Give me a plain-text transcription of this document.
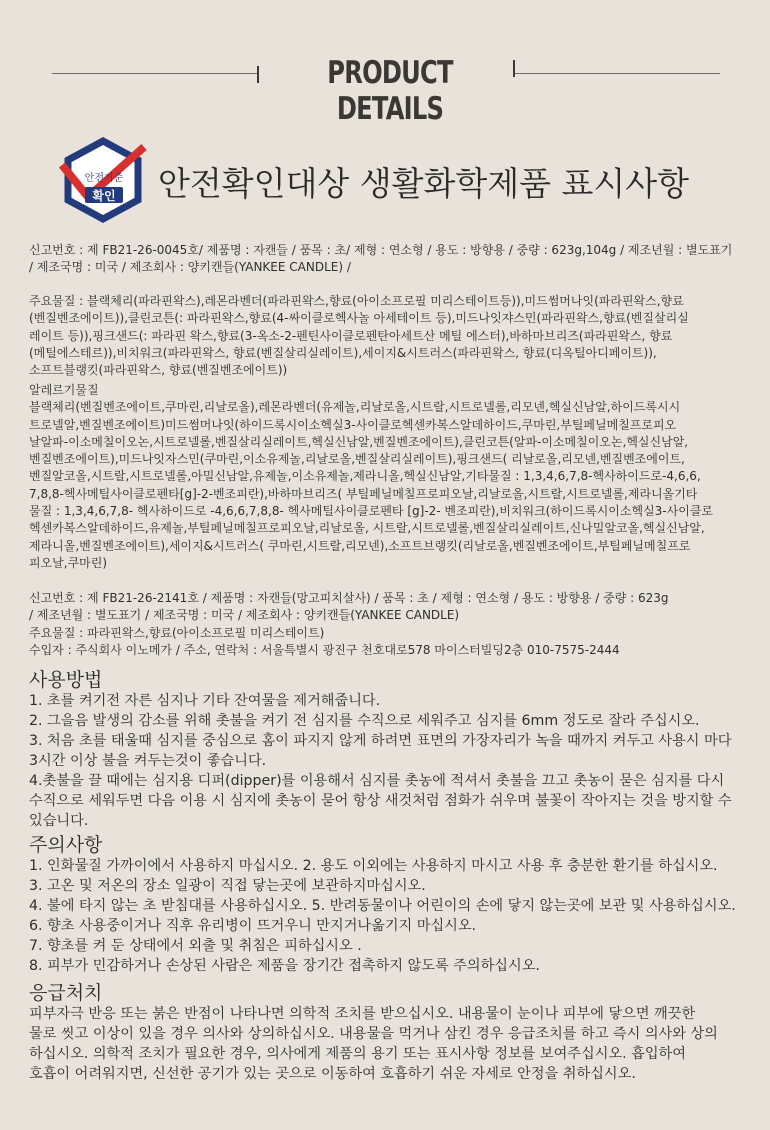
PRODUCT DETAILS
안전기준
확인 안전확인대상 생활화학제품 표시사항

신고번호 : 제 FB21-26-0045호/ 제품명 : 자캔들 / 품목 : 초/ 제형 : 연소형 / 용도 : 방향용 / 중량 : 623g,104g / 제조년월 : 별도표기

/ 제조국명 : 미국 / 제조회사 : 양키캔들(YANKEE CANDLE) /

주요물질 : 블랙체리(파라핀왁스),레몬라벤더(파라핀왁스,향료(아이소프로필 미리스테이트등)),미드썸머나잇(파라핀왁스,향료

(벤질벤조에이트)),클린코튼(: 파라핀왁스,향료(4-싸이클로헥사놀 아세테이트 등),미드나잇쟈스민(파라핀왁스,향료(벤질살리실

레이트 등)),핑크샌드(: 파라핀 왁스,향료(3-옥소-2-펜틴사이클로펜탄아세트산 메틸 에스터),바하마브리즈(파라핀왁스, 향료

(메틸에스테르)),비치워크(파라핀왁스, 향료(벤질살리실레이트),세이지&시트러스(파라핀왁스, 향료(디옥틸아디페이트)),

소프트블랭킷(파라핀왁스, 향료(벤질벤조에이트))

알레르기물질

블랙체리(벤질벤조에이트,쿠마린,리날로올),레몬라벤더(유제놀,리날로올,시트랄,시트로넬롤,리모넨,헥실신남알,하이드록시시

트로넬알,벤질벤조에이트)미드썸머나잇(하이드록시이소헥실3-사이클로헥센카복스알데하이드,쿠마린,부틸페닐메칠프로피오

날알파-이소메칠이오논,시트로넬롤,벤질살리실레이트,헥실신남알,벤질벤조에이트),클린코튼(알파-이소메칠이오논,헥실신남알,

벤질벤조에이트),미드나잇자스민(쿠마린,이소유제놀,리날로올,벤질살리실레이트),핑크샌드( 리날로올,리모넨,벤질벤조에이트,

벤질알코올,시트랄,시트로넬롤,아밀신남알,유제놀,이소유제놀,제라니올,헥실신남알,기타물질 : 1,3,4,6,7,8-헥사하이드로-4,6,6,

7,8,8-헥사메틸사이클로펜타[g]-2-벤조피란),바하마브리즈( 부틸페닐메칠프로피오날,리날로올,시트랄,시트로넬롤,제라니올기타

물질 : 1,3,4,6,7,8- 헥사하이드로 -4,6,6,7,8,8- 헥사메틸사이클로펜타 [g]-2- 벤조피란),비치워크(하이드록시이소헥실3-사이클로

헥센카복스알데하이드,유제놀,부틸페닐메칠프로피오날,리날로올, 시트랄,시트로넬롤,벤질살리실레이트,신나밀알코올,헥실신남알,

제라니올,벤질벤조에이트),세이지&시트러스( 쿠마린,시트랄,리모넨),소프트브랭킷(리날로올,벤질벤조에이트,부틸페닐메칠프로

피오날,쿠마린)

신고번호 : 제 FB21-26-2141호 / 제품명 : 자캔들(망고피치살사) / 품목 : 초 / 제형 : 연소형 / 용도 : 방향용 / 중량 : 623g

/ 제조년월 : 별도표기 / 제조국명 : 미국 / 제조회사 : 양키캔들(YANKEE CANDLE)

주요물질 : 파라핀왁스,향료(아이소프로필 미리스테이트)

수입자 : 주식회사 이노메가 / 주소, 연락처 : 서울특별시 광진구 천호대로578 마이스터빌딩2층 010-7575-2444

사용방법

1. 초를 켜기전 자른 심지나 기타 잔여물을 제거해줍니다.

2. 그을음 발생의 감소를 위해 촛불을 켜기 전 심지를 수직으로 세워주고 심지를 6mm 정도로 잘라 주십시오.

3. 처음 초를 태울때 심지를 중심으로 홈이 파지지 않게 하려면 표면의 가장자리가 녹을 때까지 켜두고 사용시 마다

3시간 이상 불을 켜두는것이 좋습니다.

4.촛불을 끌 때에는 심지용 디퍼(dipper)를 이용해서 심지를 촛농에 적셔서 촛불을 끄고 촛농이 묻은 심지를 다시

수직으로 세워두면 다음 이용 시 심지에 촛농이 묻어 항상 새것처럼 점화가 쉬우며 불꽃이 작아지는 것을 방지할 수

있습니다.

주의사항

1. 인화물질 가까이에서 사용하지 마십시오. 2. 용도 이외에는 사용하지 마시고 사용 후 충분한 환기를 하십시오.

3. 고온 및 저온의 장소 일광이 직접 닿는곳에 보관하지마십시오.

4. 불에 타지 않는 초 받침대를 사용하십시오. 5. 반려동물이나 어린이의 손에 닿지 않는곳에 보관 및 사용하십시오.

6. 향초 사용중이거나 직후 유리병이 뜨거우니 만지거나옮기지 마십시오.

7. 향초를 켜 둔 상태에서 외출 및 취침은 피하십시오 .

8. 피부가 민감하거나 손상된 사람은 제품을 장기간 접촉하지 않도록 주의하십시오.

응급처치

피부자극 반응 또는 붉은 반점이 나타나면 의학적 조치를 받으십시오. 내용물이 눈이나 피부에 닿으면 깨끗한

물로 씻고 이상이 있을 경우 의사와 상의하십시오. 내용물을 먹거나 삼킨 경우 응급조치를 하고 즉시 의사와 상의

하십시오. 의학적 조치가 필요한 경우, 의사에게 제품의 용기 또는 표시사항 정보를 보여주십시오. 흡입하여

호흡이 어려워지면, 신선한 공기가 있는 곳으로 이동하여 호흡하기 쉬운 자세로 안정을 취하십시오.
